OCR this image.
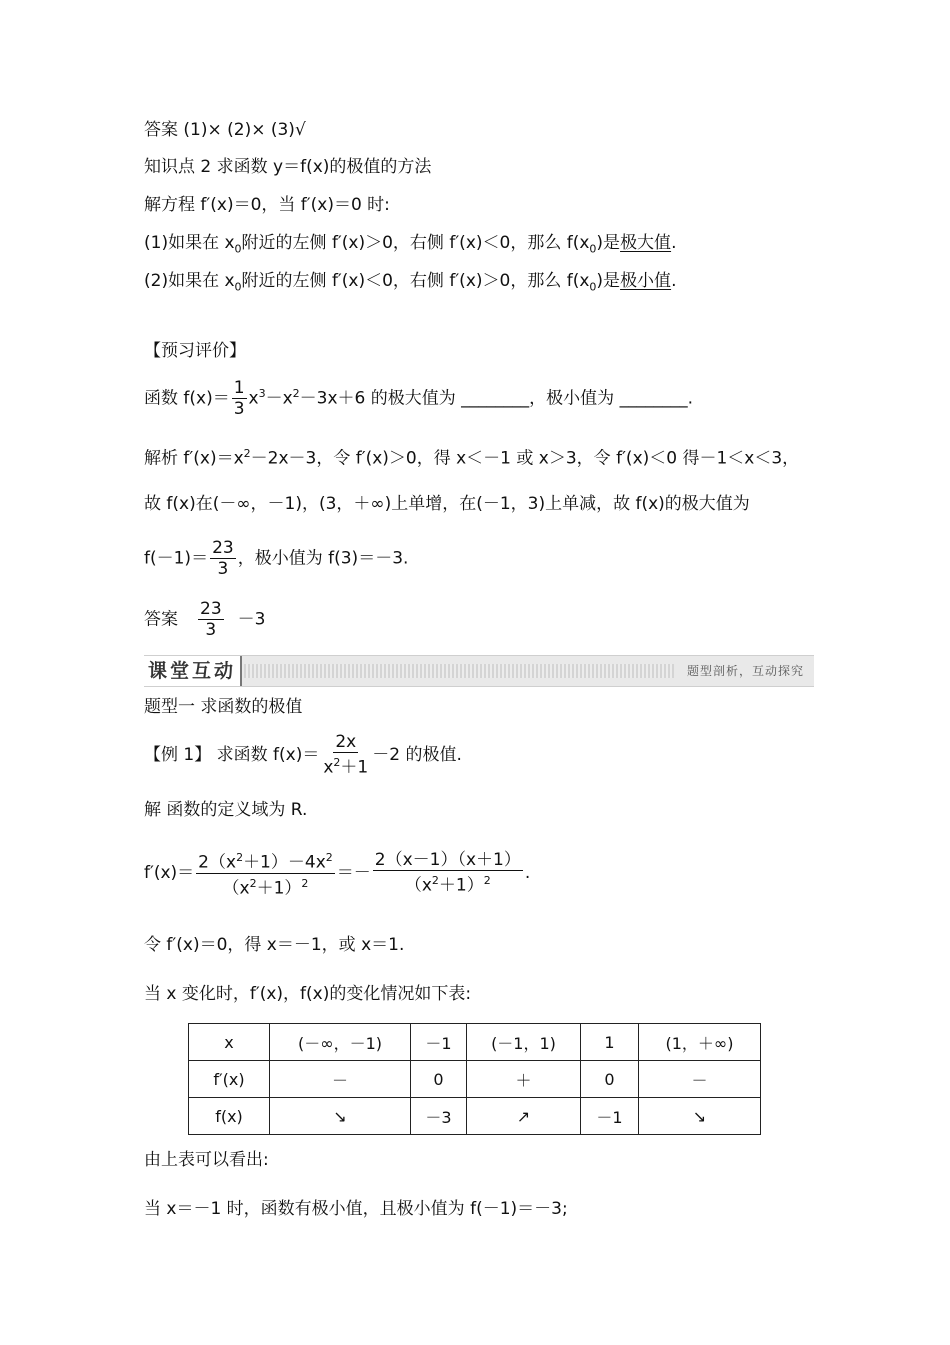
答案 (1)× (2)× (3)√
知识点 2 求函数 y＝f(x)的极值的方法
解方程 f′(x)＝0，当 f′(x)＝0 时:
(1)如果在 $x_0$附近的左侧 f′(x)＞0，右侧 f′(x)＜0，那么 $f(x_0)$是极大值.
(2)如果在 $x_0$附近的左侧 f′(x)＜0，右侧 f′(x)＞0，那么 $f(x_0)$是极小值.
【预习评价】
函数 $f(x)= \frac{1}{3} x^3-x^2-3x+6$ 的极大值为 ________，极小值为 ________.
解析 $f'(x)=x^2-2x-3$，令 f′(x)＞0，得 x＜－1 或 x＞3，令 f′(x)＜0 得－1＜x＜3，
故 f(x)在(－∞，－1)，(3，＋∞)上单增，在(－1，3)上单减，故 f(x)的极大值为
$f(-1)= \frac{23}{3}$ ，极小值为 f(3)＝－3.
答案 $\frac{23}{3} -3$
课堂互动	题型剖析，互动探究
题型一 求函数的极值
【例 1】 求函数 $f(x)= \frac{2x}{x^2+1} -2$ 的极值.
解 函数的定义域为 R.
$f'(x)= \frac{2(x^2+1)-4x^2}{(x^2+1)^2} =- \frac{2(x-1)(x+1)}{(x^2+1)^2}$ .
令 f′(x)＝0，得 x＝－1，或 x＝1.
当 x 变化时，f′(x)，f(x)的变化情况如下表:
x	(－∞，－1)	－1	(－1，1)	1	(1，＋∞)
f′(x)	－	0	＋	0	－
f(x)	↘	－3	↗	－1	↘
由上表可以看出:
当 x＝－1 时，函数有极小值，且极小值为 f(－1)＝－3;
